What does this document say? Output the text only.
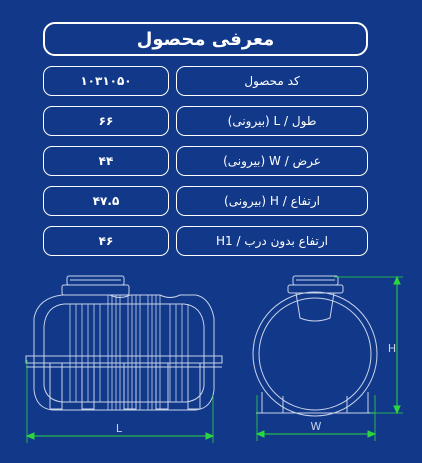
معرفی محصول
۱۰۳۱۰۵۰	کد محصول
۶۶	طول / L (بیرونی)
۴۴	عرض / W (بیرونی)
۴۷.۵	ارتفاع / H (بیرونی)
۴۶	ارتفاع بدون درب / H1
L	W
H
